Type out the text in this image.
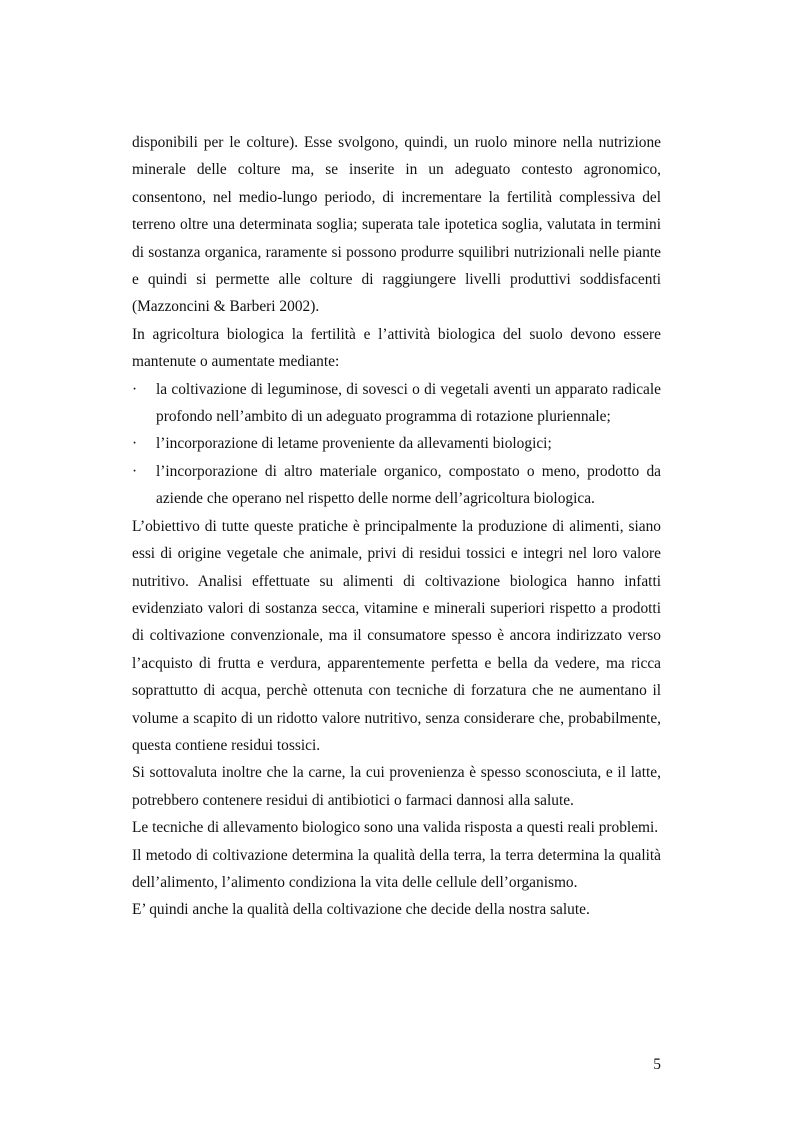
disponibili per le colture). Esse svolgono, quindi, un ruolo minore nella nutrizione minerale delle colture ma, se inserite in un adeguato contesto agronomico, consentono, nel medio-lungo periodo, di incrementare la fertilità complessiva del terreno oltre una determinata soglia; superata tale ipotetica soglia, valutata in termini di sostanza organica, raramente si possono produrre squilibri nutrizionali nelle piante e quindi si permette alle colture di raggiungere livelli produttivi soddisfacenti (Mazzoncini & Barberi 2002).

In agricoltura biologica la fertilità e l’attività biologica del suolo devono essere mantenute o aumentate mediante:

· la coltivazione di leguminose, di sovesci o di vegetali aventi un apparato radicale profondo nell’ambito di un adeguato programma di rotazione pluriennale;
· l’incorporazione di letame proveniente da allevamenti biologici;
· l’incorporazione di altro materiale organico, compostato o meno, prodotto da aziende che operano nel rispetto delle norme dell’agricoltura biologica.

L’obiettivo di tutte queste pratiche è principalmente la produzione di alimenti, siano essi di origine vegetale che animale, privi di residui tossici e integri nel loro valore nutritivo. Analisi effettuate su alimenti di coltivazione biologica hanno infatti evidenziato valori di sostanza secca, vitamine e minerali superiori rispetto a prodotti di coltivazione convenzionale, ma il consumatore spesso è ancora indirizzato verso l’acquisto di frutta e verdura, apparentemente perfetta e bella da vedere, ma ricca soprattutto di acqua, perchè ottenuta con tecniche di forzatura che ne aumentano il volume a scapito di un ridotto valore nutritivo, senza considerare che, probabilmente, questa contiene residui tossici.

Si sottovaluta inoltre che la carne, la cui provenienza è spesso sconosciuta, e il latte, potrebbero contenere residui di antibiotici o farmaci dannosi alla salute.

Le tecniche di allevamento biologico sono una valida risposta a questi reali problemi.

Il metodo di coltivazione determina la qualità della terra, la terra determina la qualità dell’alimento, l’alimento condiziona la vita delle cellule dell’organismo.

E’ quindi anche la qualità della coltivazione che decide della nostra salute.

5
